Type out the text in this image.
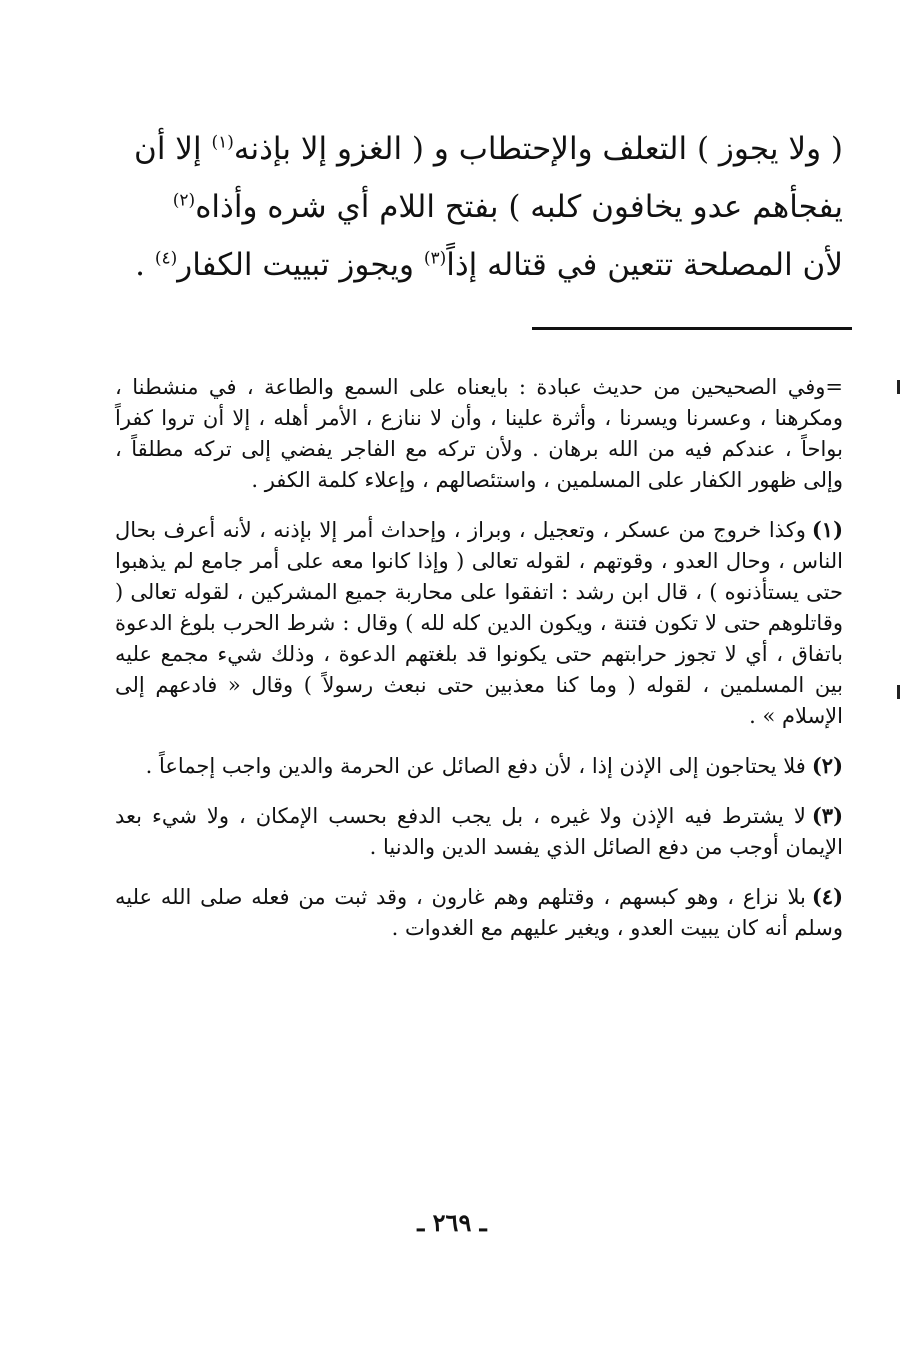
( ولا يجوز ) التعلف والإحتطاب و ( الغزو إلا بإذنه$^{(١)}$ إلا أن
يفجأهم عدو يخافون كلبه ) بفتح اللام أي شره وأذاه$^{(٢)}$
لأن المصلحة تتعين في قتاله إذاً$^{(٣)}$ ويجوز تبييت الكفار$^{(٤)}$ .

=وفي الصحيحين من حديث عبادة : بايعناه على السمع والطاعة ، في منشطنا ، ومكرهنا ، وعسرنا ويسرنا ، وأثرة علينا ، وأن لا ننازع ، الأمر أهله ، إلا أن تروا كفراً بواحاً ، عندكم فيه من الله برهان . ولأن تركه مع الفاجر يفضي إلى تركه مطلقاً ، وإلى ظهور الكفار على المسلمين ، واستئصالهم ، وإعلاء كلمة الكفر .

(١)وكذا خروج من عسكر ، وتعجيل ، وبراز ، وإحداث أمر إلا بإذنه ، لأنه أعرف بحال الناس ، وحال العدو ، وقوتهم ، لقوله تعالى ( وإذا كانوا معه على أمر جامع لم يذهبوا حتى يستأذنوه ) ، قال ابن رشد : اتفقوا على محاربة جميع المشركين ، لقوله تعالى ( وقاتلوهم حتى لا تكون فتنة ، ويكون الدين كله لله ) وقال : شرط الحرب بلوغ الدعوة باتفاق ، أي لا تجوز حرابتهم حتى يكونوا قد بلغتهم الدعوة ، وذلك شيء مجمع عليه بين المسلمين ، لقوله ( وما كنا معذبين حتى نبعث رسولاً ) وقال « فادعهم إلى الإسلام » .

(٢)فلا يحتاجون إلى الإذن إذا ، لأن دفع الصائل عن الحرمة والدين واجب إجماعاً .

(٣)لا يشترط فيه الإذن ولا غيره ، بل يجب الدفع بحسب الإمكان ، ولا شيء بعد الإيمان أوجب من دفع الصائل الذي يفسد الدين والدنيا .

(٤)بلا نزاع ، وهو كبسهم ، وقتلهم وهم غارون ، وقد ثبت من فعله صلى الله عليه وسلم أنه كان يبيت العدو ، ويغير عليهم مع الغدوات .

ـ ٢٦٩ ـ
